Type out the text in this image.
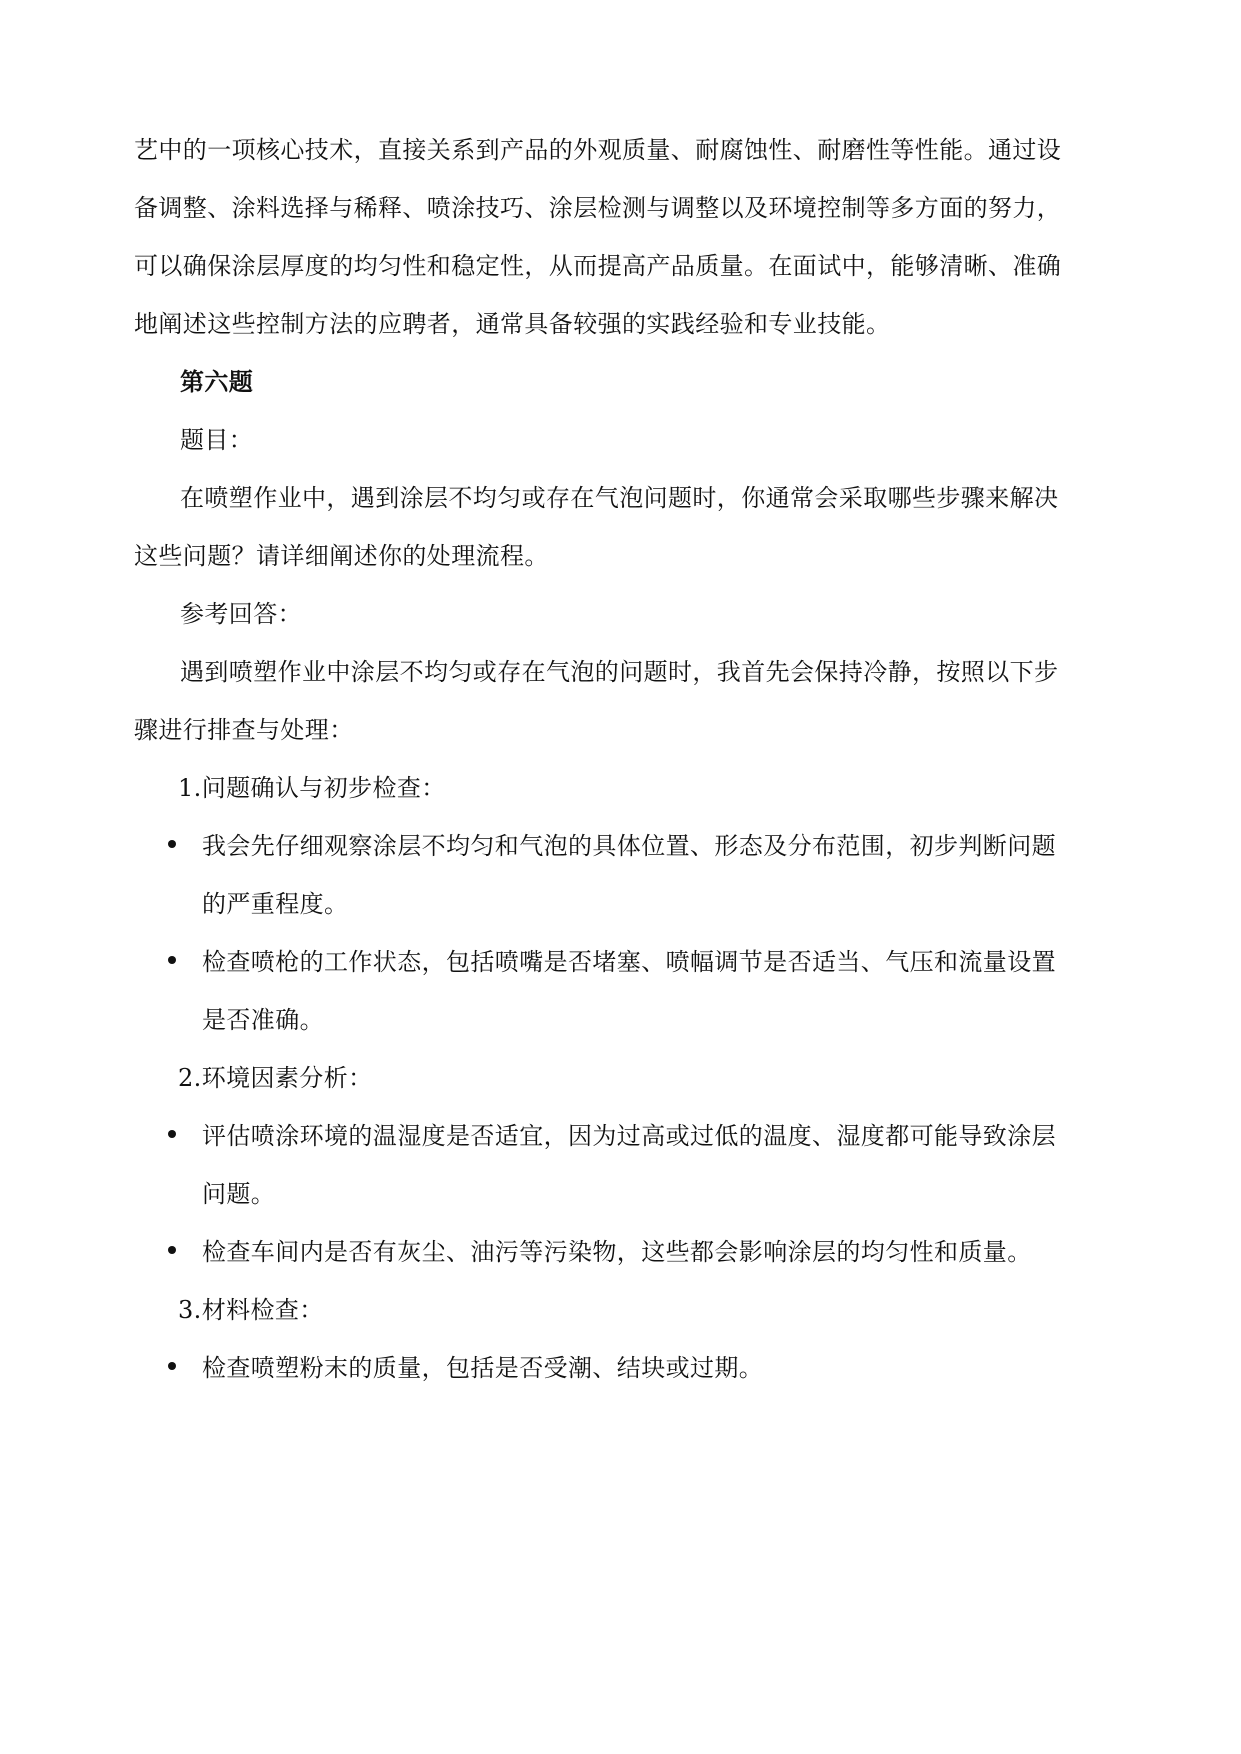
艺中的一项核心技术，直接关系到产品的外观质量、耐腐蚀性、耐磨性等性能。通过设
备调整、涂料选择与稀释、喷涂技巧、涂层检测与调整以及环境控制等多方面的努力，
可以确保涂层厚度的均匀性和稳定性，从而提高产品质量。在面试中，能够清晰、准确
地阐述这些控制方法的应聘者，通常具备较强的实践经验和专业技能。
第六题
题目：
在喷塑作业中，遇到涂层不均匀或存在气泡问题时，你通常会采取哪些步骤来解决
这些问题？请详细阐述你的处理流程。
参考回答：
遇到喷塑作业中涂层不均匀或存在气泡的问题时，我首先会保持冷静，按照以下步
骤进行排查与处理：
1.问题确认与初步检查：
我会先仔细观察涂层不均匀和气泡的具体位置、形态及分布范围，初步判断问题
的严重程度。
检查喷枪的工作状态，包括喷嘴是否堵塞、喷幅调节是否适当、气压和流量设置
是否准确。
2.环境因素分析：
评估喷涂环境的温湿度是否适宜，因为过高或过低的温度、湿度都可能导致涂层
问题。
检查车间内是否有灰尘、油污等污染物，这些都会影响涂层的均匀性和质量。
3.材料检查：
检查喷塑粉末的质量，包括是否受潮、结块或过期。
